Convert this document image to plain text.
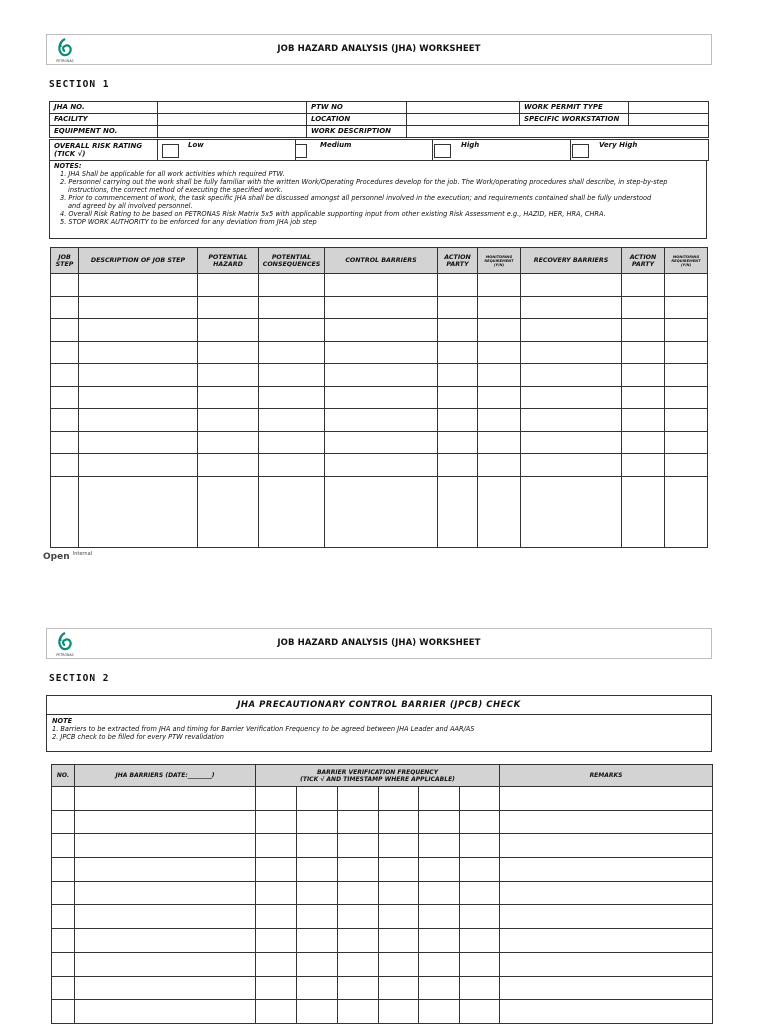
PETRONAS
JOB HAZARD ANALYSIS (JHA) WORKSHEET
SECTION 1
JHA NO.		PTW NO		WORK PERMIT TYPE	
FACILITY		LOCATION		SPECIFIC WORKSTATION	
EQUIPMENT NO.		WORK DESCRIPTION			
OVERALL RISK RATING
(TICK √)	
Low	Medium	High	Very High
NOTES:
1. JHA Shall be applicable for all work activities which required PTW.
2. Personnel carrying out the work shall be fully familiar with the written Work/Operating Procedures develop for the job. The Work/operating procedures shall describe, in step-by-step
instructions, the correct method of executing the specified work.
3. Prior to commencement of work, the task specific JHA shall be discussed amongst all personnel involved in the execution; and requirements contained shall be fully understood
and agreed by all involved personnel.
4. Overall Risk Rating to be based on PETRONAS Risk Matrix 5x5 with applicable supporting input from other existing Risk Assessment e.g., HAZID, HER, HRA, CHRA.
5. STOP WORK AUTHORITY to be enforced for any deviation from JHA job step
JOB STEP	DESCRIPTION OF JOB STEP	POTENTIAL HAZARD	POTENTIAL CONSEQUENCES	CONTROL BARRIERS	ACTION PARTY	MONITORING REQUIREMENT (Y/N)	RECOVERY BARRIERS	ACTION PARTY	MONITORING REQUIREMENT (Y/N)

Open $^{Internal}$
PETRONAS
JOB HAZARD ANALYSIS (JHA) WORKSHEET
SECTION 2
JHA PRECAUTIONARY CONTROL BARRIER (JPCB) CHECK
NOTE
1. Barriers to be extracted from JHA and timing for Barrier Verification Frequency to be agreed between JHA Leader and AAR/AS
2. JPCB check to be filled for every PTW revalidation
NO.	JHA BARRIERS (DATE:________)	BARRIER VERIFICATION FREQUENCY
(TICK √ AND TIMESTAMP WHERE APPLICABLE)						REMARKS
